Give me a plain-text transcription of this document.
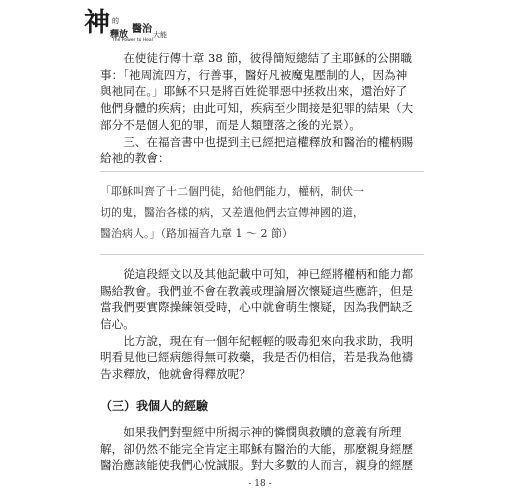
神 的
醫治 大能
釋放
The Power to Heal
　　在使徒行傳十章 38 節，彼得簡短總結了主耶穌的公開職
事：「祂周流四方，行善事，醫好凡被魔鬼壓制的人，因為神
與祂同在。」耶穌不只是將百姓從罪惡中拯救出來，還治好了
他們身體的疾病；由此可知，疾病至少間接是犯罪的結果（大
部分不是個人犯的罪，而是人類墮落之後的光景）。
　　三、在福音書中也提到主已經把這權釋放和醫治的權柄賜
給祂的教會：
「耶穌叫齊了十二個門徒，給他們能力，權柄，制伏一
切的鬼，醫治各樣的病，又差遣他們去宣傳神國的道，
醫治病人。」（路加福音九章 1 ～ 2 節）
　　從這段經文以及其他記載中可知，神已經將權柄和能力都
賜給教會。我們並不會在教義或理論層次懷疑這些應許，但是
當我們要實際操練領受時，心中就會萌生懷疑，因為我們缺乏
信心。
　　比方說，現在有一個年紀輕輕的吸毒犯來向我求助，我明
明看見他已經病態得無可救藥，我是否仍相信，若是我為他禱
告求釋放，他就會得釋放呢？
（三）我個人的經驗
　　如果我們對聖經中所揭示神的憐憫與救贖的意義有所理
解，卻仍然不能完全肯定主耶穌有醫治的大能，那麼親身經歷
醫治應該能使我們心悅誠服。對大多數的人而言，親身的經歷
- 18 -
